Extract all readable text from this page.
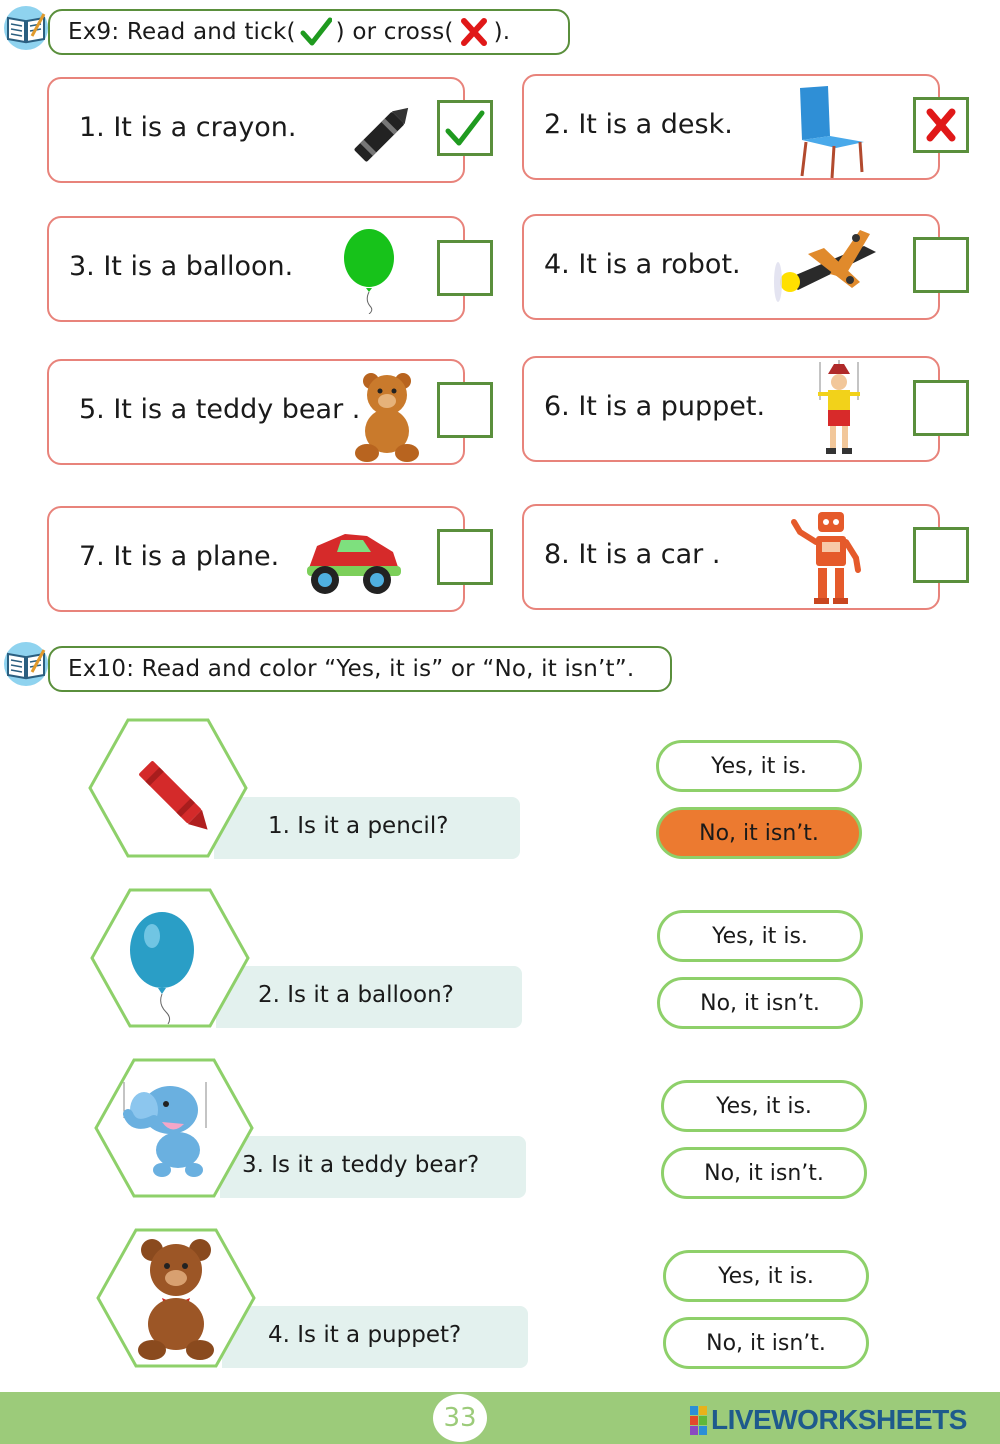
Ex9: Read and tick( ) or cross( ).
1. It is a crayon.	2. It is a desk.
3. It is a balloon.	4. It is a robot.
5. It is a teddy bear .	6. It is a puppet.
7. It is a plane.	8. It is a car .
Ex10: Read and color “Yes, it is” or “No, it isn’t”.
1. Is it a pencil?
Yes, it is.
No, it isn’t.
2. Is it a balloon?
Yes, it is.
No, it isn’t.
3. Is it a teddy bear?
Yes, it is.
No, it isn’t.
4. Is it a puppet?
Yes, it is.
No, it isn’t.
33	LIVEWORKSHEETS
